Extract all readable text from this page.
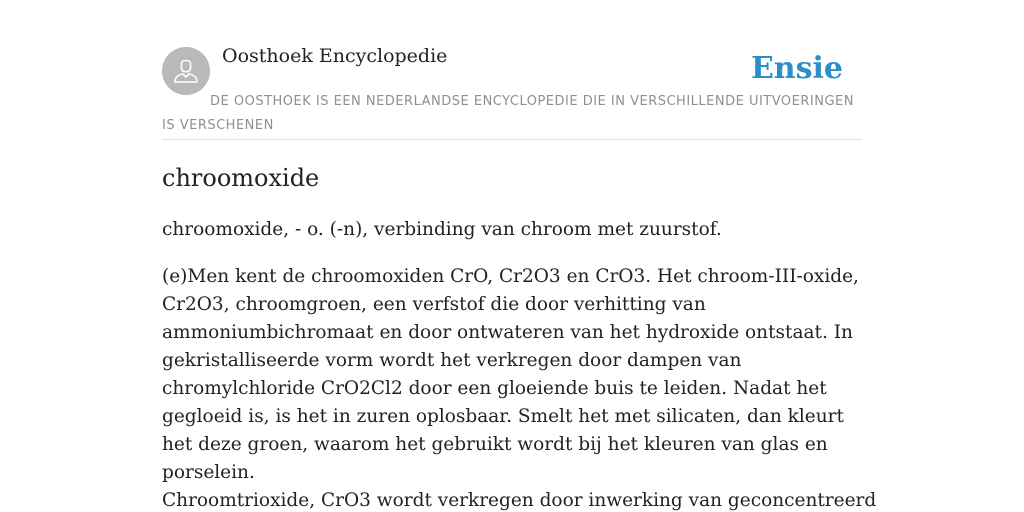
Oosthoek Encyclopedie	Ensie
DE OOSTHOEK IS EEN NEDERLANDSE ENCYCLOPEDIE DIE IN VERSCHILLENDE UITVOERINGEN IS VERSCHENEN
chroomoxide

chroomoxide, - o. (-n), verbinding van chroom met zuurstof.

(e)Men kent de chroomoxiden CrO, Cr2O3 en CrO3. Het chroom-III-oxide, Cr2O3, chroomgroen, een verfstof die door verhitting van ammoniumbichromaat en door ontwateren van het hydroxide ontstaat. In gekristalliseerde vorm wordt het verkregen door dampen van chromylchloride CrO2Cl2 door een gloeiende buis te leiden. Nadat het gegloeid is, is het in zuren oplosbaar. Smelt het met silicaten, dan kleurt het deze groen, waarom het gebruikt wordt bij het kleuren van glas en porselein.

Chroomtrioxide, CrO3 wordt verkregen door inwerking van geconcentreerd
